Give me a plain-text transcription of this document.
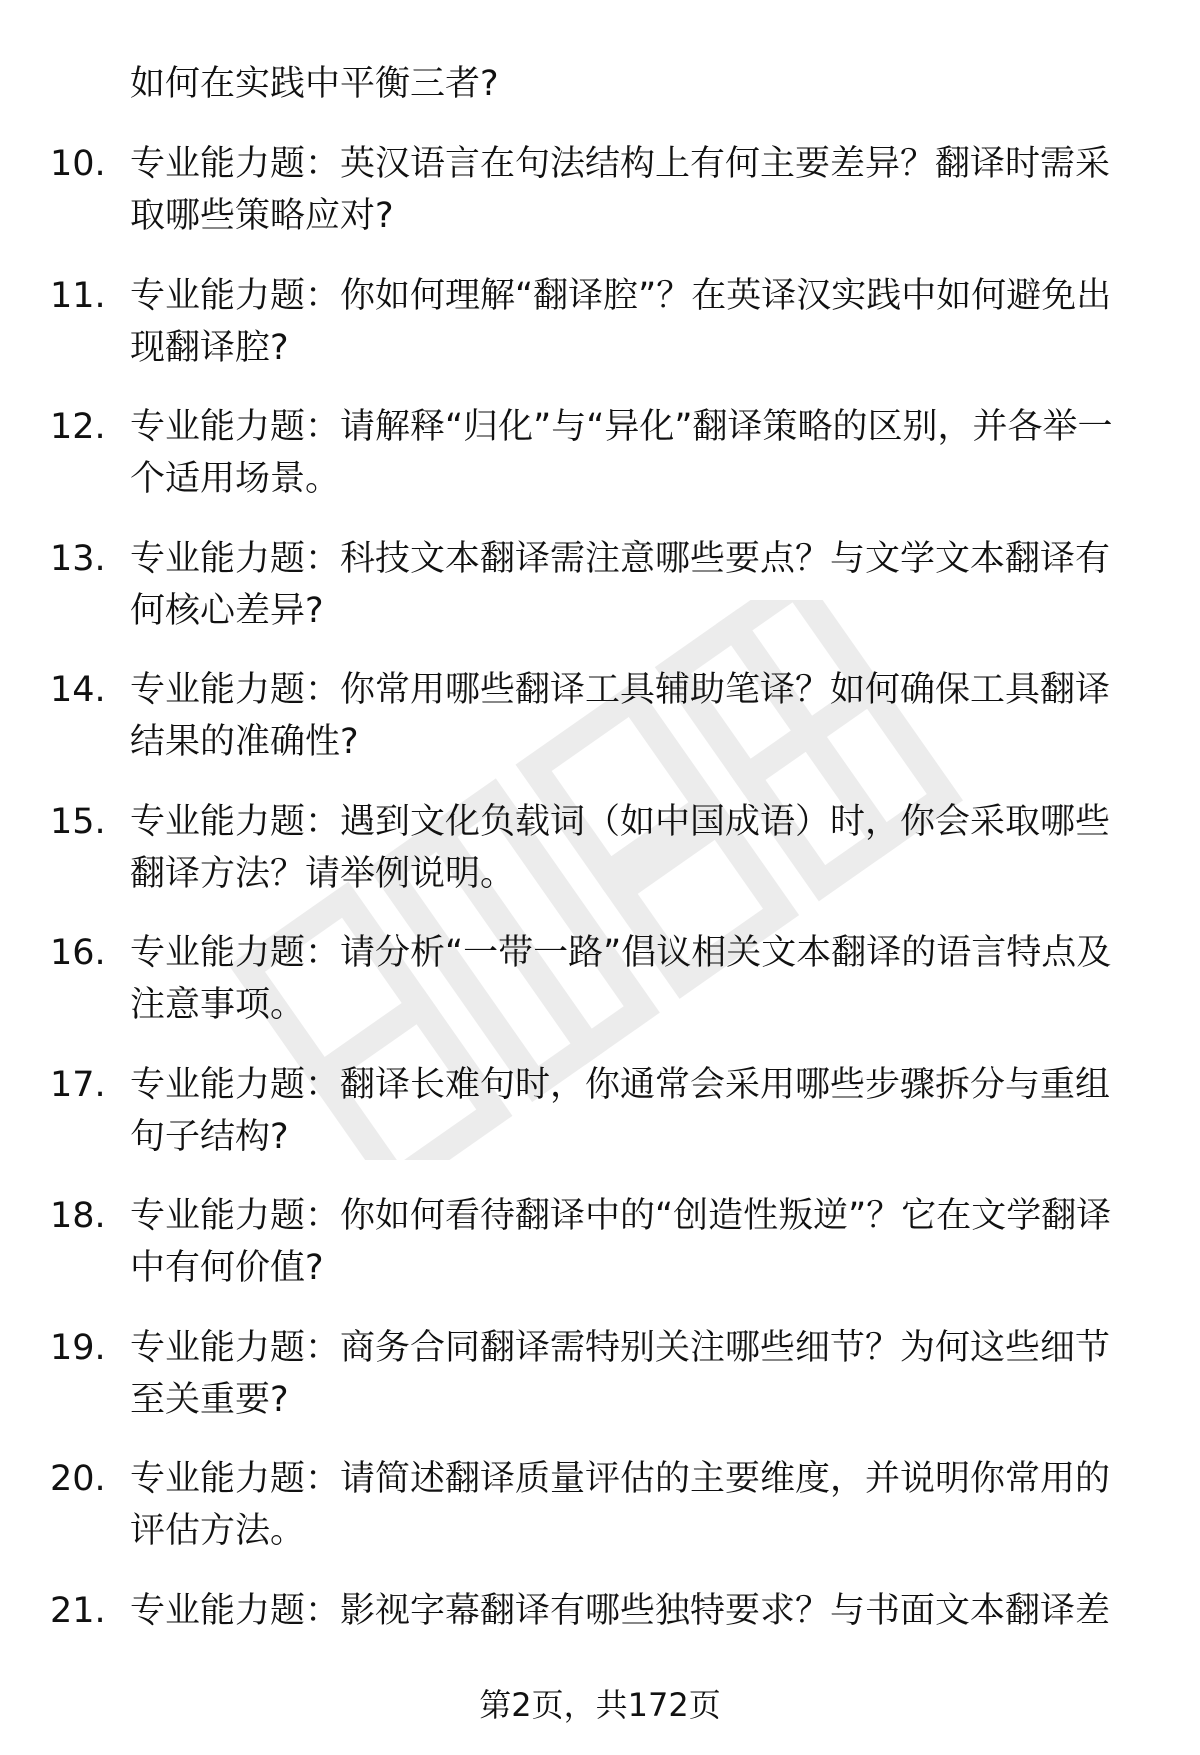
如何在实践中平衡三者?
10. 专业能力题 ： 英汉语言在句法结构上有何主要差异？翻译时需采取哪些策略应对?
11. 专业能力题 ： 你如何理解“翻译腔”？在英译汉实践中如何避免出现翻译腔?
12. 专业能力题 ： 请解释“归化”与“异化”翻译策略的区别，并各举一个适用场景。
13. 专业能力题 ： 科技文本翻译需注意哪些要点？与文学文本翻译有何核心差异?
14. 专业能力题 ： 你常用哪些翻译工具辅助笔译？如何确保工具翻译结果的准确性?
15. 专业能力题 ： 遇到文化负载词（如中国成语）时，你会采取哪些翻译方法？请举例说明。
16. 专业能力题 ： 请分析“一带一路”倡议相关文本翻译的语言特点及注意事项。
17. 专业能力题 ： 翻译长难句时，你通常会采用哪些步骤拆分与重组句子结构?
18. 专业能力题 ： 你如何看待翻译中的“创造性叛逆”？它在文学翻译中有何价值?
19. 专业能力题 ： 商务合同翻译需特别关注哪些细节？为何这些细节至关重要?
20. 专业能力题 ： 请简述翻译质量评估的主要维度，并说明你常用的评估方法。
21. 专业能力题 ： 影视字幕翻译有哪些独特要求？与书面文本翻译差
第2页，共172页
